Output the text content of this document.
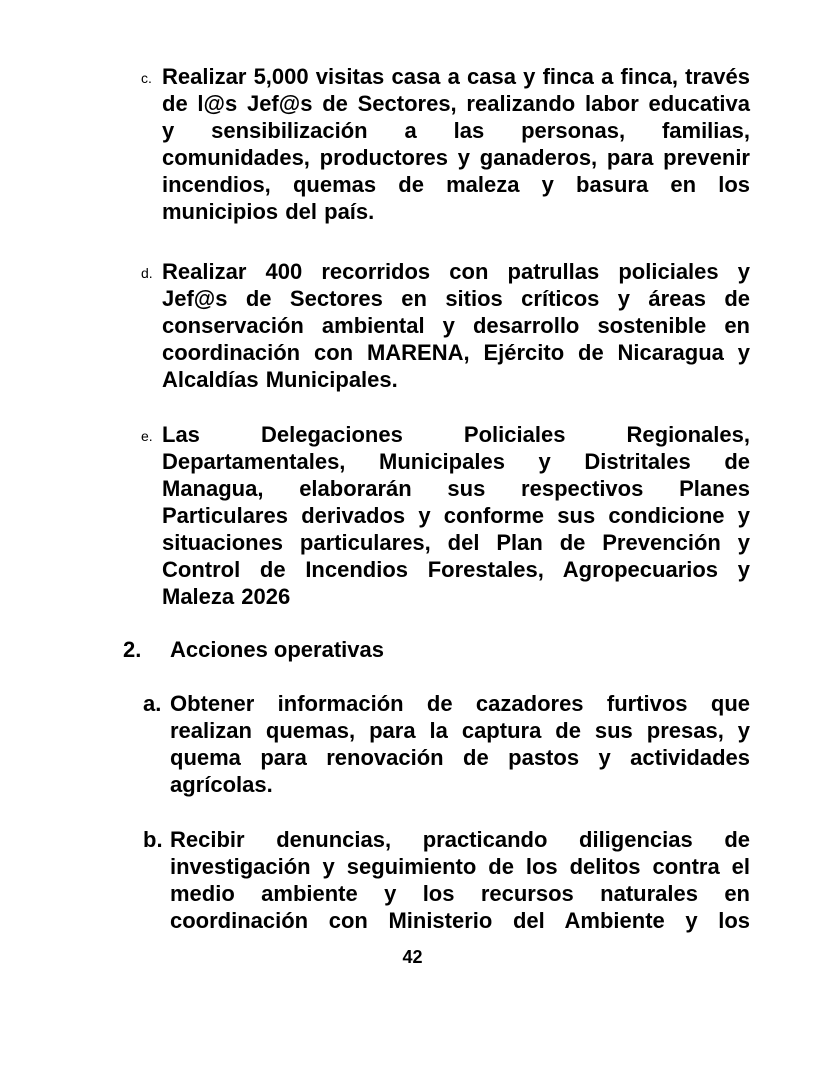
c. Realizar 5,000 visitas casa a casa y finca a finca, través de l@s Jef@s de Sectores, realizando labor educativa y sensibilización a las personas, familias, comunidades, productores y ganaderos, para prevenir incendios, quemas de maleza y basura en los municipios del país.

d. Realizar 400 recorridos con patrullas policiales y Jef@s de Sectores en sitios críticos y áreas de conservación ambiental y desarrollo sostenible en coordinación con MARENA, Ejército de Nicaragua y Alcaldías Municipales.

e. Las Delegaciones Policiales Regionales, Departamentales, Municipales y Distritales de Managua, elaborarán sus respectivos Planes Particulares derivados y conforme sus condicione y situaciones particulares, del Plan de Prevención y Control de Incendios Forestales, Agropecuarios y Maleza 2026

2.	Acciones operativas
a. Obtener información de cazadores furtivos que realizan quemas, para la captura de sus presas, y quema para renovación de pastos y actividades agrícolas.

b. Recibir denuncias, practicando diligencias de investigación y seguimiento de los delitos contra el medio ambiente y los recursos naturales en coordinación con Ministerio del Ambiente y los

42
